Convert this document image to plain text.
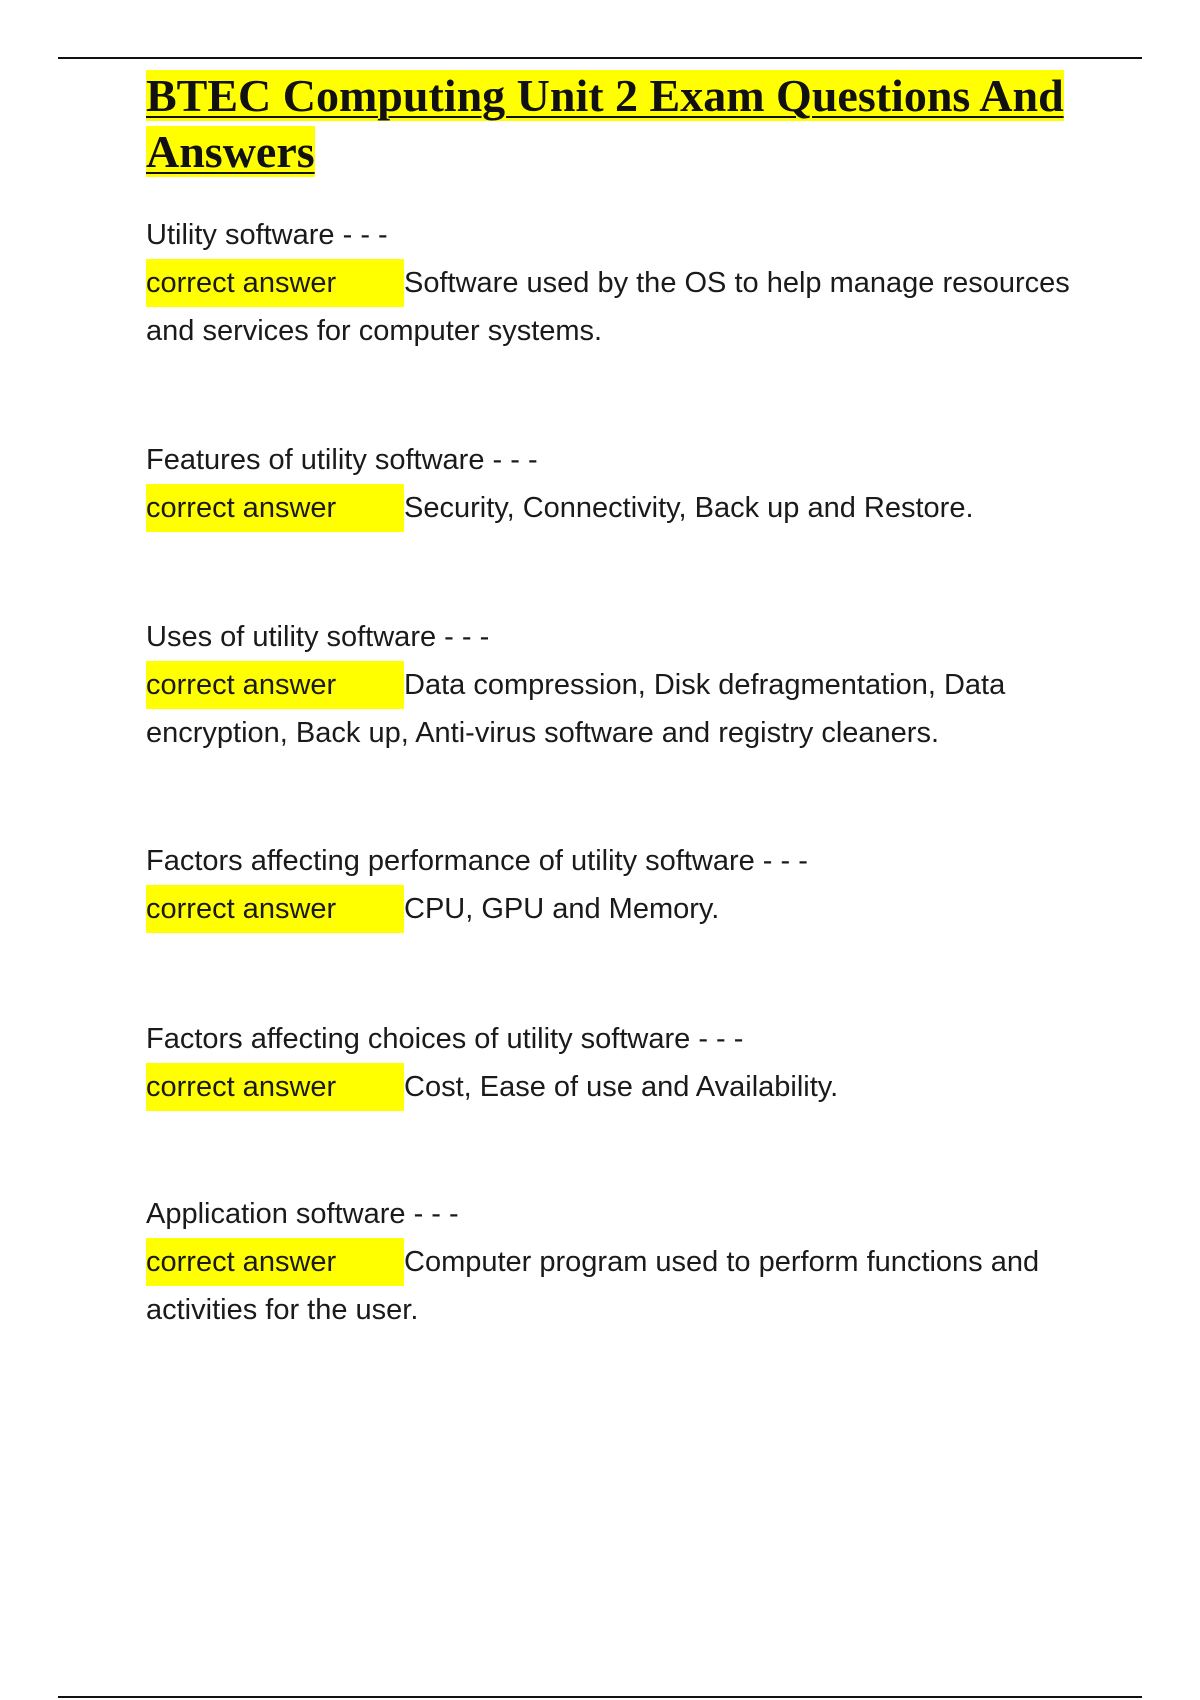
BTEC Computing Unit 2 Exam Questions And Answers
Utility software - - -
correct answer Software used by the OS to help manage resources and services for computer systems.
Features of utility software - - -
correct answer Security, Connectivity, Back up and Restore.
Uses of utility software - - -
correct answer Data compression, Disk defragmentation, Data encryption, Back up, Anti-virus software and registry cleaners.
Factors affecting performance of utility software - - -
correct answer CPU, GPU and Memory.
Factors affecting choices of utility software - - -
correct answer Cost, Ease of use and Availability.
Application software - - -
correct answer Computer program used to perform functions and activities for the user.
